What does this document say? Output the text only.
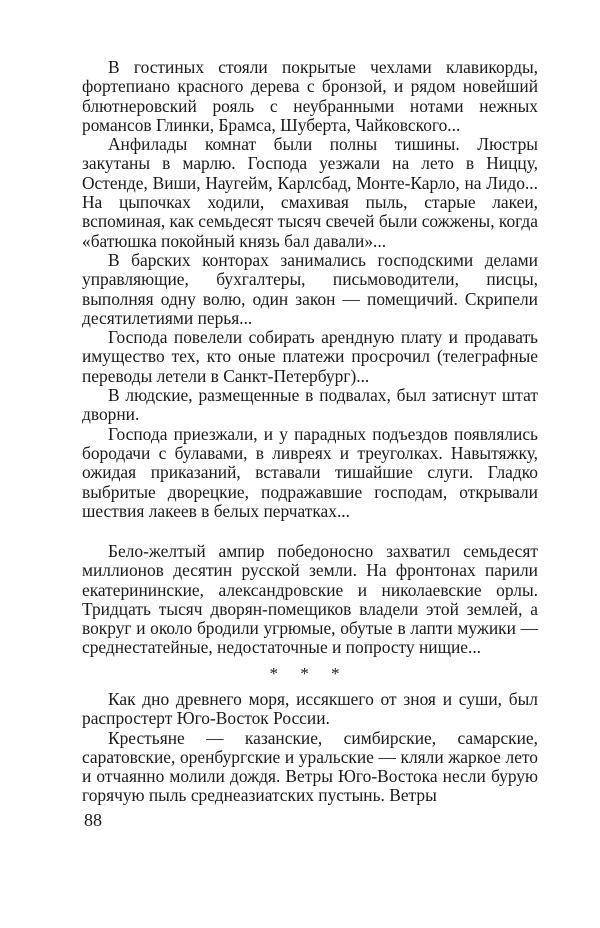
В гостиных стояли покрытые чехлами клавикорды, фортепиано красного дерева с бронзой, и рядом новейший блютнеровский рояль с неубранными нотами нежных романсов Глинки, Брамса, Шуберта, Чайковского...

Анфилады комнат были полны тишины. Люстры закутаны в марлю. Господа уезжали на лето в Ниццу, Остенде, Виши, Наугейм, Карлсбад, Монте-Карло, на Лидо... На цыпочках ходили, смахивая пыль, старые лакеи, вспоминая, как семьдесят тысяч свечей были сожжены, когда «батюшка покойный князь бал давали»...

В барских конторах занимались господскими делами управляющие, бухгалтеры, письмоводители, писцы, выполняя одну волю, один закон — помещичий. Скрипели десятилетиями перья...

Господа повелели собирать арендную плату и продавать имущество тех, кто оные платежи просрочил (телеграфные переводы летели в Санкт-Петербург)...

В людские, размещенные в подвалах, был затиснут штат дворни.

Господа приезжали, и у парадных подъездов появлялись бородачи с булавами, в ливреях и треуголках. Навытяжку, ожидая приказаний, вставали тишайшие слуги. Гладко выбритые дворецкие, подражавшие господам, открывали шествия лакеев в белых перчатках...

Бело-желтый ампир победоносно захватил семьдесят миллионов десятин русской земли. На фронтонах парили екатерининские, александровские и николаевские орлы. Тридцать тысяч дворян-помещиков владели этой землей, а вокруг и около бродили угрюмые, обутые в лапти мужики — среднестатейные, недостаточные и попросту нищие...

* * *

Как дно древнего моря, иссякшего от зноя и суши, был распростерт Юго-Восток России.

Крестьяне — казанские, симбирские, самарские, саратовские, оренбургские и уральские — кляли жаркое лето и отчаянно молили дождя. Ветры Юго-Востока несли бурую горячую пыль среднеазиатских пустынь. Ветры

88
